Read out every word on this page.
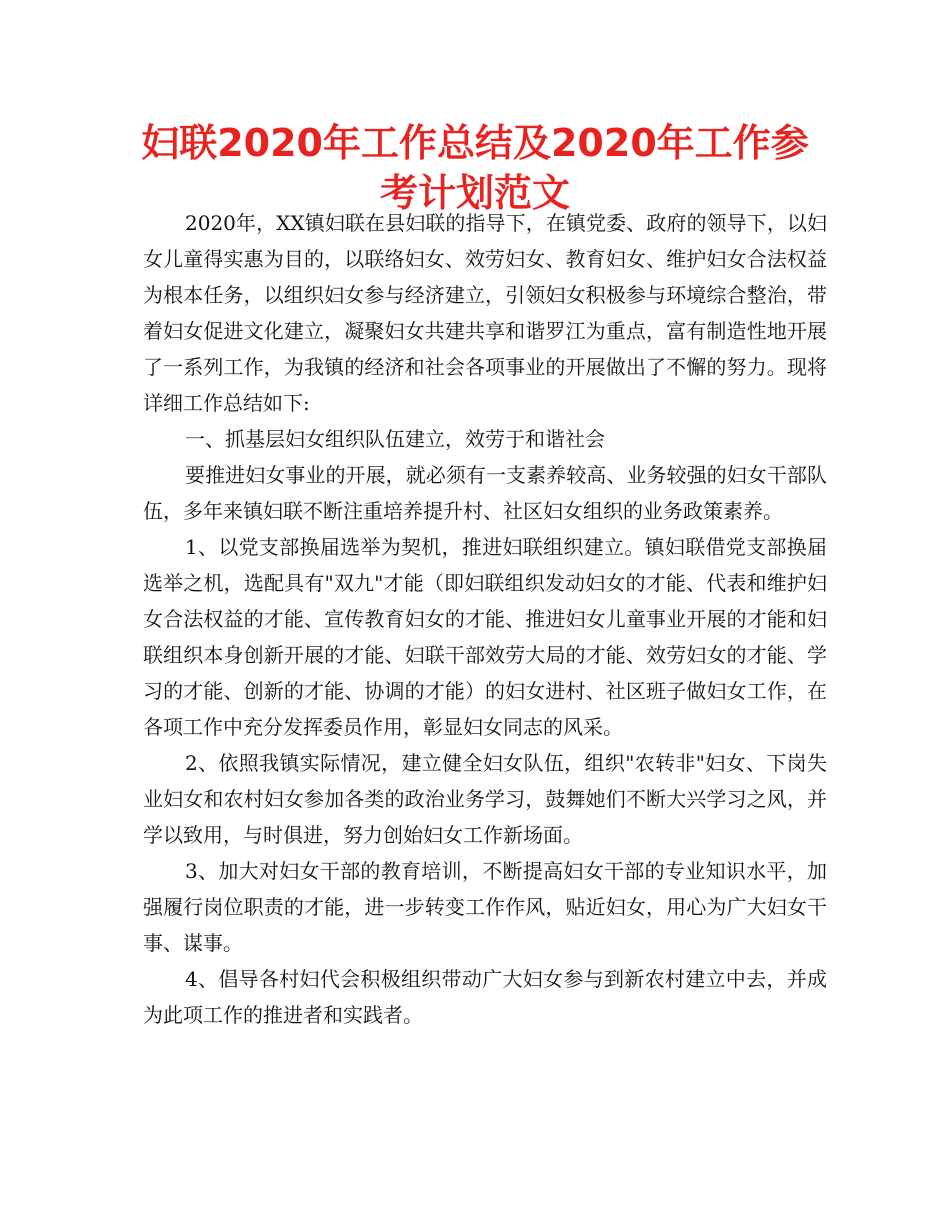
妇联2020年工作总结及2020年工作参考计划范文

2020年，XX镇妇联在县妇联的指导下，在镇党委、政府的领导下，以妇女儿童得实惠为目的，以联络妇女、效劳妇女、教育妇女、维护妇女合法权益为根本任务，以组织妇女参与经济建立，引领妇女积极参与环境综合整治，带着妇女促进文化建立，凝聚妇女共建共享和谐罗江为重点，富有制造性地开展了一系列工作，为我镇的经济和社会各项事业的开展做出了不懈的努力。现将详细工作总结如下:

一、抓基层妇女组织队伍建立，效劳于和谐社会

要推进妇女事业的开展，就必须有一支素养较高、业务较强的妇女干部队伍，多年来镇妇联不断注重培养提升村、社区妇女组织的业务政策素养。

1、以党支部换届选举为契机，推进妇联组织建立。镇妇联借党支部换届选举之机，选配具有"双九"才能（即妇联组织发动妇女的才能、代表和维护妇女合法权益的才能、宣传教育妇女的才能、推进妇女儿童事业开展的才能和妇联组织本身创新开展的才能、妇联干部效劳大局的才能、效劳妇女的才能、学习的才能、创新的才能、协调的才能）的妇女进村、社区班子做妇女工作，在各项工作中充分发挥委员作用，彰显妇女同志的风采。

2、依照我镇实际情况，建立健全妇女队伍，组织"农转非"妇女、下岗失业妇女和农村妇女参加各类的政治业务学习，鼓舞她们不断大兴学习之风，并学以致用，与时俱进，努力创始妇女工作新场面。

3、加大对妇女干部的教育培训，不断提高妇女干部的专业知识水平，加强履行岗位职责的才能，进一步转变工作作风，贴近妇女，用心为广大妇女干事、谋事。

4、倡导各村妇代会积极组织带动广大妇女参与到新农村建立中去，并成为此项工作的推进者和实践者。
